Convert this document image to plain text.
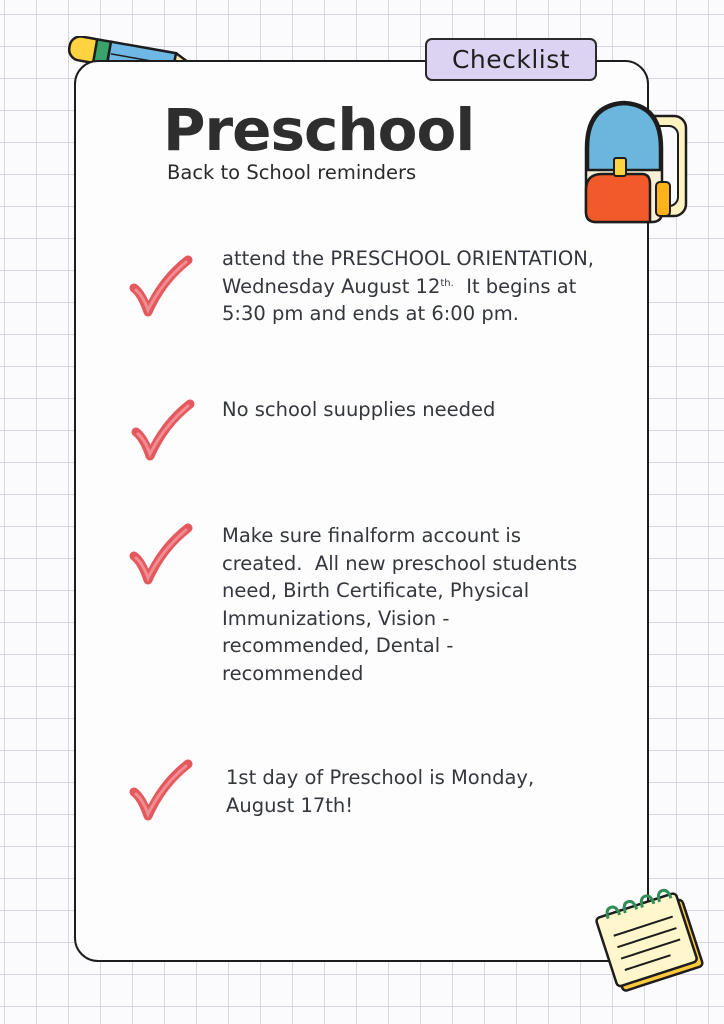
Checklist
Preschool
Back to School reminders
attend the PRESCHOOL ORIENTATION,
Wednesday August $12^{th.}$  It begins at
5:30 pm and ends at 6:00 pm.
No school suupplies needed
Make sure finalform account is
created.  All new preschool students
need, Birth Certificate, Physical
Immunizations, Vision -
recommended, Dental -
recommended
1st day of Preschool is Monday,
August 17th!
